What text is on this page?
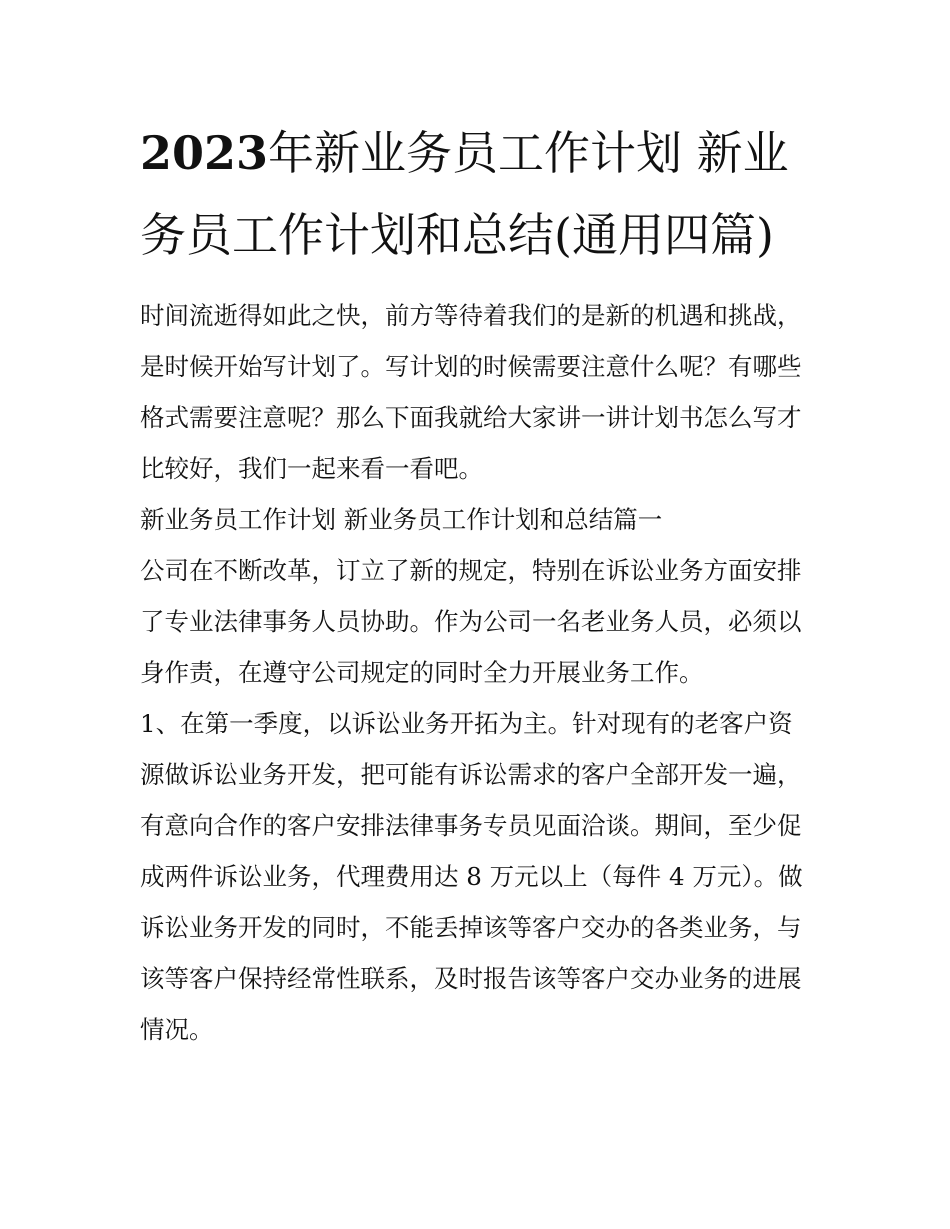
2023年新业务员工作计划 新业务员工作计划和总结(通用四篇)

时间流逝得如此之快，前方等待着我们的是新的机遇和挑战，是时候开始写计划了。写计划的时候需要注意什么呢？有哪些格式需要注意呢？那么下面我就给大家讲一讲计划书怎么写才比较好，我们一起来看一看吧。

新业务员工作计划 新业务员工作计划和总结篇一

公司在不断改革，订立了新的规定，特别在诉讼业务方面安排了专业法律事务人员协助。作为公司一名老业务人员，必须以身作责，在遵守公司规定的同时全力开展业务工作。

1、在第一季度，以诉讼业务开拓为主。针对现有的老客户资源做诉讼业务开发，把可能有诉讼需求的客户全部开发一遍，有意向合作的客户安排法律事务专员见面洽谈。期间，至少促成两件诉讼业务，代理费用达 8 万元以上（每件 4 万元）。做诉讼业务开发的同时，不能丢掉该等客户交办的各类业务，与该等客户保持经常性联系，及时报告该等客户交办业务的进展情况。
